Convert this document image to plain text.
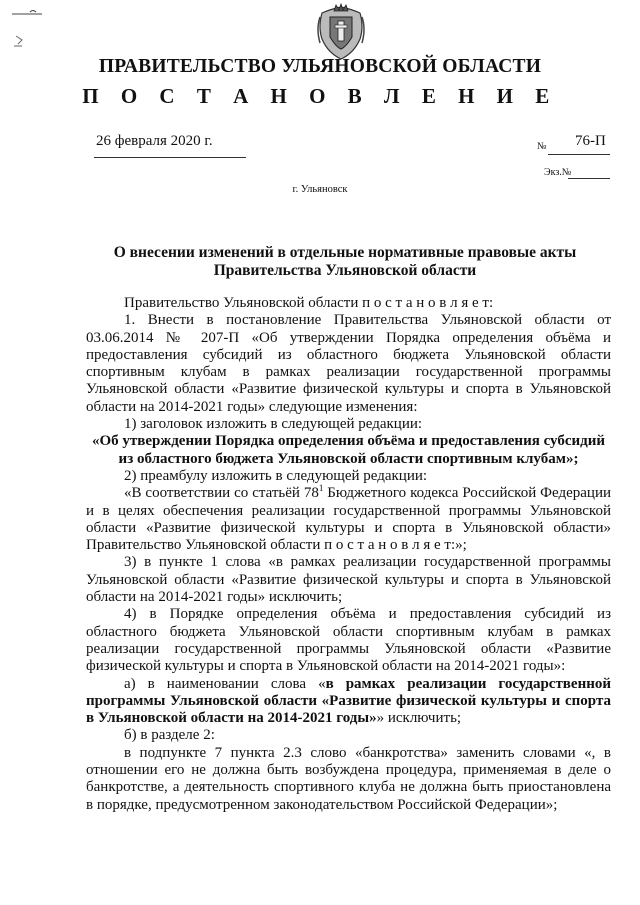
ПРАВИТЕЛЬСТВО УЛЬЯНОВСКОЙ ОБЛАСТИ
П О С Т А Н О В Л Е Н И Е
26 февраля 2020 г.	№ 76-П
Экз.№
г. Ульяновск
О внесении изменений в отдельные нормативные правовые акты
Правительства Ульяновской области

Правительство Ульяновской области п о с т а н о в л я е т:

1. Внести в постановление Правительства Ульяновской области от 03.06.2014 № 207-П «Об утверждении Порядка определения объёма и предоставления субсидий из областного бюджета Ульяновской области спортивным клубам в рамках реализации государственной программы Ульяновской области «Развитие физической культуры и спорта в Ульяновской области на 2014-2021 годы» следующие изменения:

1) заголовок изложить в следующей редакции:

«Об утверждении Порядка определения объёма и предоставления субсидий из областного бюджета Ульяновской области спортивным клубам»;

2) преамбулу изложить в следующей редакции:

«В соответствии со статьёй $78^1$ Бюджетного кодекса Российской Федерации и в целях обеспечения реализации государственной программы Ульяновской области «Развитие физической культуры и спорта в Ульяновской области» Правительство Ульяновской области п о с т а н о в л я е т:»;

3) в пункте 1 слова «в рамках реализации государственной программы Ульяновской области «Развитие физической культуры и спорта в Ульяновской области на 2014-2021 годы» исключить;

4) в Порядке определения объёма и предоставления субсидий из областного бюджета Ульяновской области спортивным клубам в рамках реализации государственной программы Ульяновской области «Развитие физической культуры и спорта в Ульяновской области на 2014-2021 годы»:

а) в наименовании слова «в рамках реализации государственной программы Ульяновской области «Развитие физической культуры и спорта в Ульяновской области на 2014-2021 годы»» исключить;

б) в разделе 2:

в подпункте 7 пункта 2.3 слово «банкротства» заменить словами «, в отношении его не должна быть возбуждена процедура, применяемая в деле о банкротстве, а деятельность спортивного клуба не должна быть приостановлена в порядке, предусмотренном законодательством Российской Федерации»;
